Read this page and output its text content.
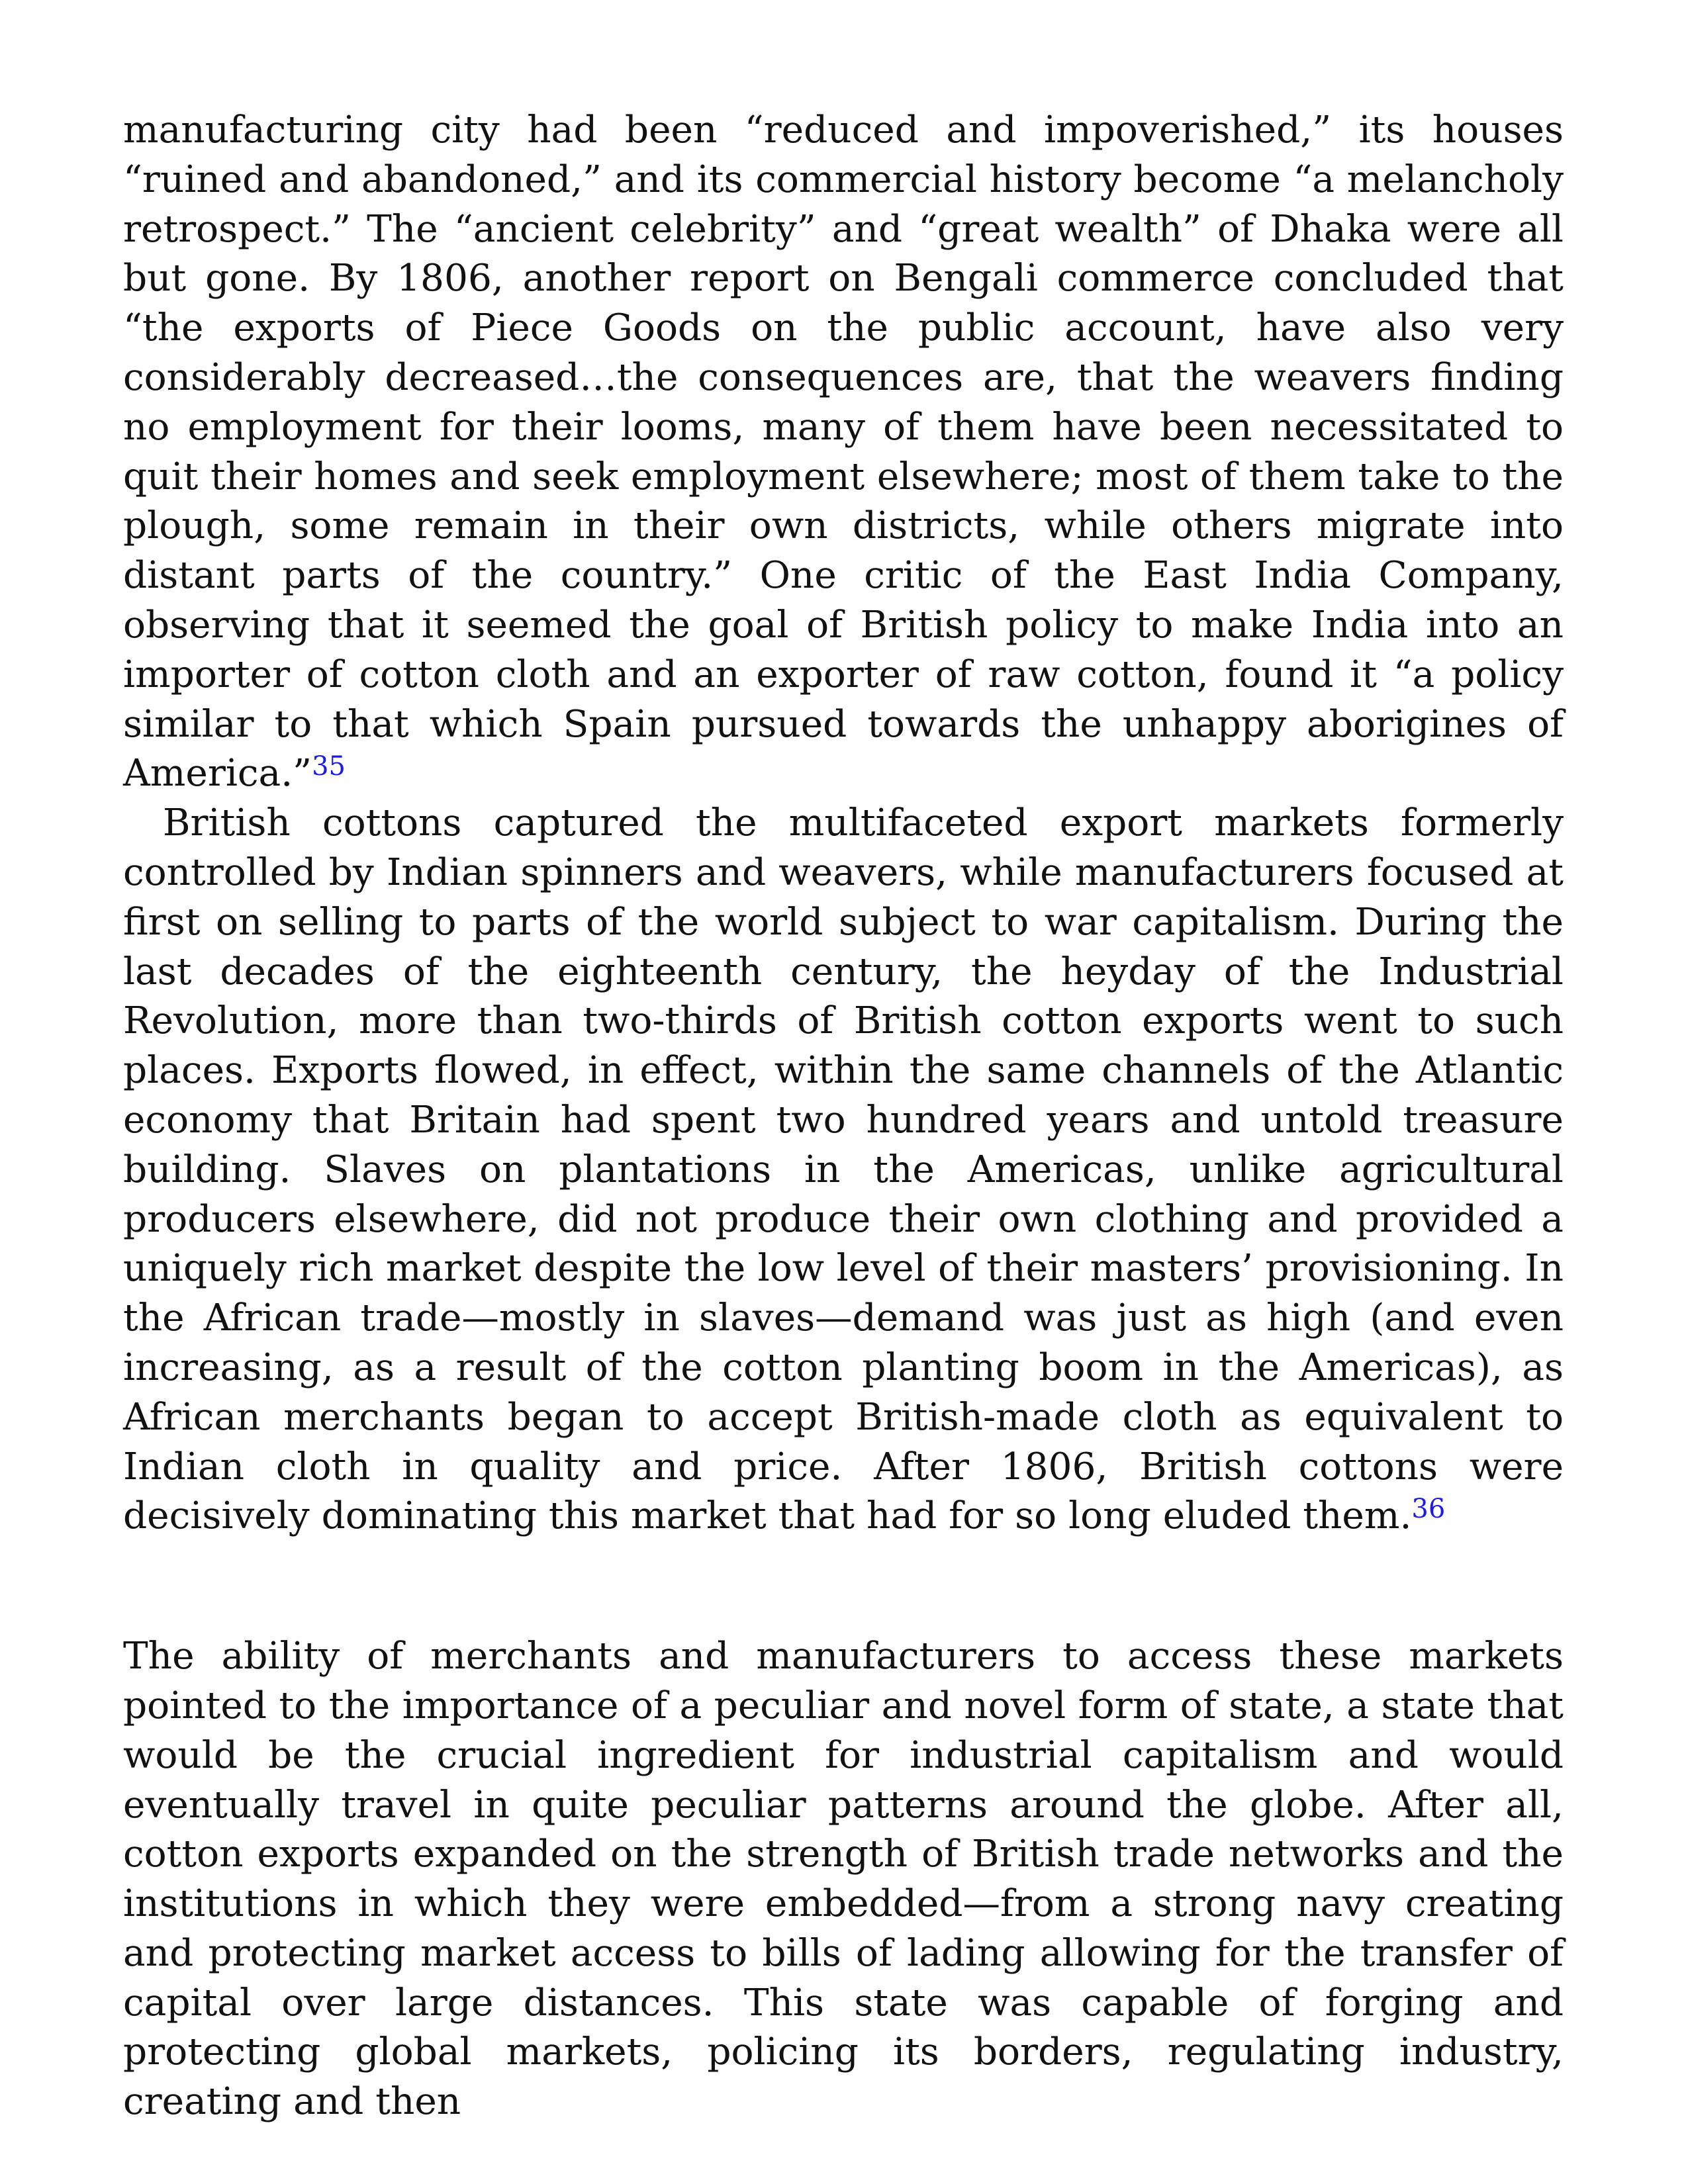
manufacturing city had been “reduced and impoverished,” its houses “ruined and abandoned,” and its commercial history become “a melancholy retrospect.” The “ancient celebrity” and “great wealth” of Dhaka were all but gone. By 1806, another report on Bengali commerce concluded that “the exports of Piece Goods on the public account, have also very considerably decreased…the consequences are, that the weavers finding no employment for their looms, many of them have been necessitated to quit their homes and seek employment elsewhere; most of them take to the plough, some remain in their own districts, while others migrate into distant parts of the country.” One critic of the East India Company, observing that it seemed the goal of British policy to make India into an importer of cotton cloth and an exporter of raw cotton, found it “a policy similar to that which Spain pursued towards the unhappy aborigines of America.”$^{35}$

British cottons captured the multifaceted export markets formerly controlled by Indian spinners and weavers, while manufacturers focused at first on selling to parts of the world subject to war capitalism. During the last decades of the eighteenth century, the heyday of the Industrial Revolution, more than two-thirds of British cotton exports went to such places. Exports flowed, in effect, within the same channels of the Atlantic economy that Britain had spent two hundred years and untold treasure building. Slaves on plantations in the Americas, unlike agricultural producers elsewhere, did not produce their own clothing and provided a uniquely rich market despite the low level of their masters’ provisioning. In the African trade—mostly in slaves—demand was just as high (and even increasing, as a result of the cotton planting boom in the Americas), as African merchants began to accept British-made cloth as equivalent to Indian cloth in quality and price. After 1806, British cottons were decisively dominating this market that had for so long eluded them.$^{36}$

The ability of merchants and manufacturers to access these markets pointed to the importance of a peculiar and novel form of state, a state that would be the crucial ingredient for industrial capitalism and would eventually travel in quite peculiar patterns around the globe. After all, cotton exports expanded on the strength of British trade networks and the institutions in which they were embedded—from a strong navy creating and protecting market access to bills of lading allowing for the transfer of capital over large distances. This state was capable of forging and protecting global markets, policing its borders, regulating industry, creating and then
